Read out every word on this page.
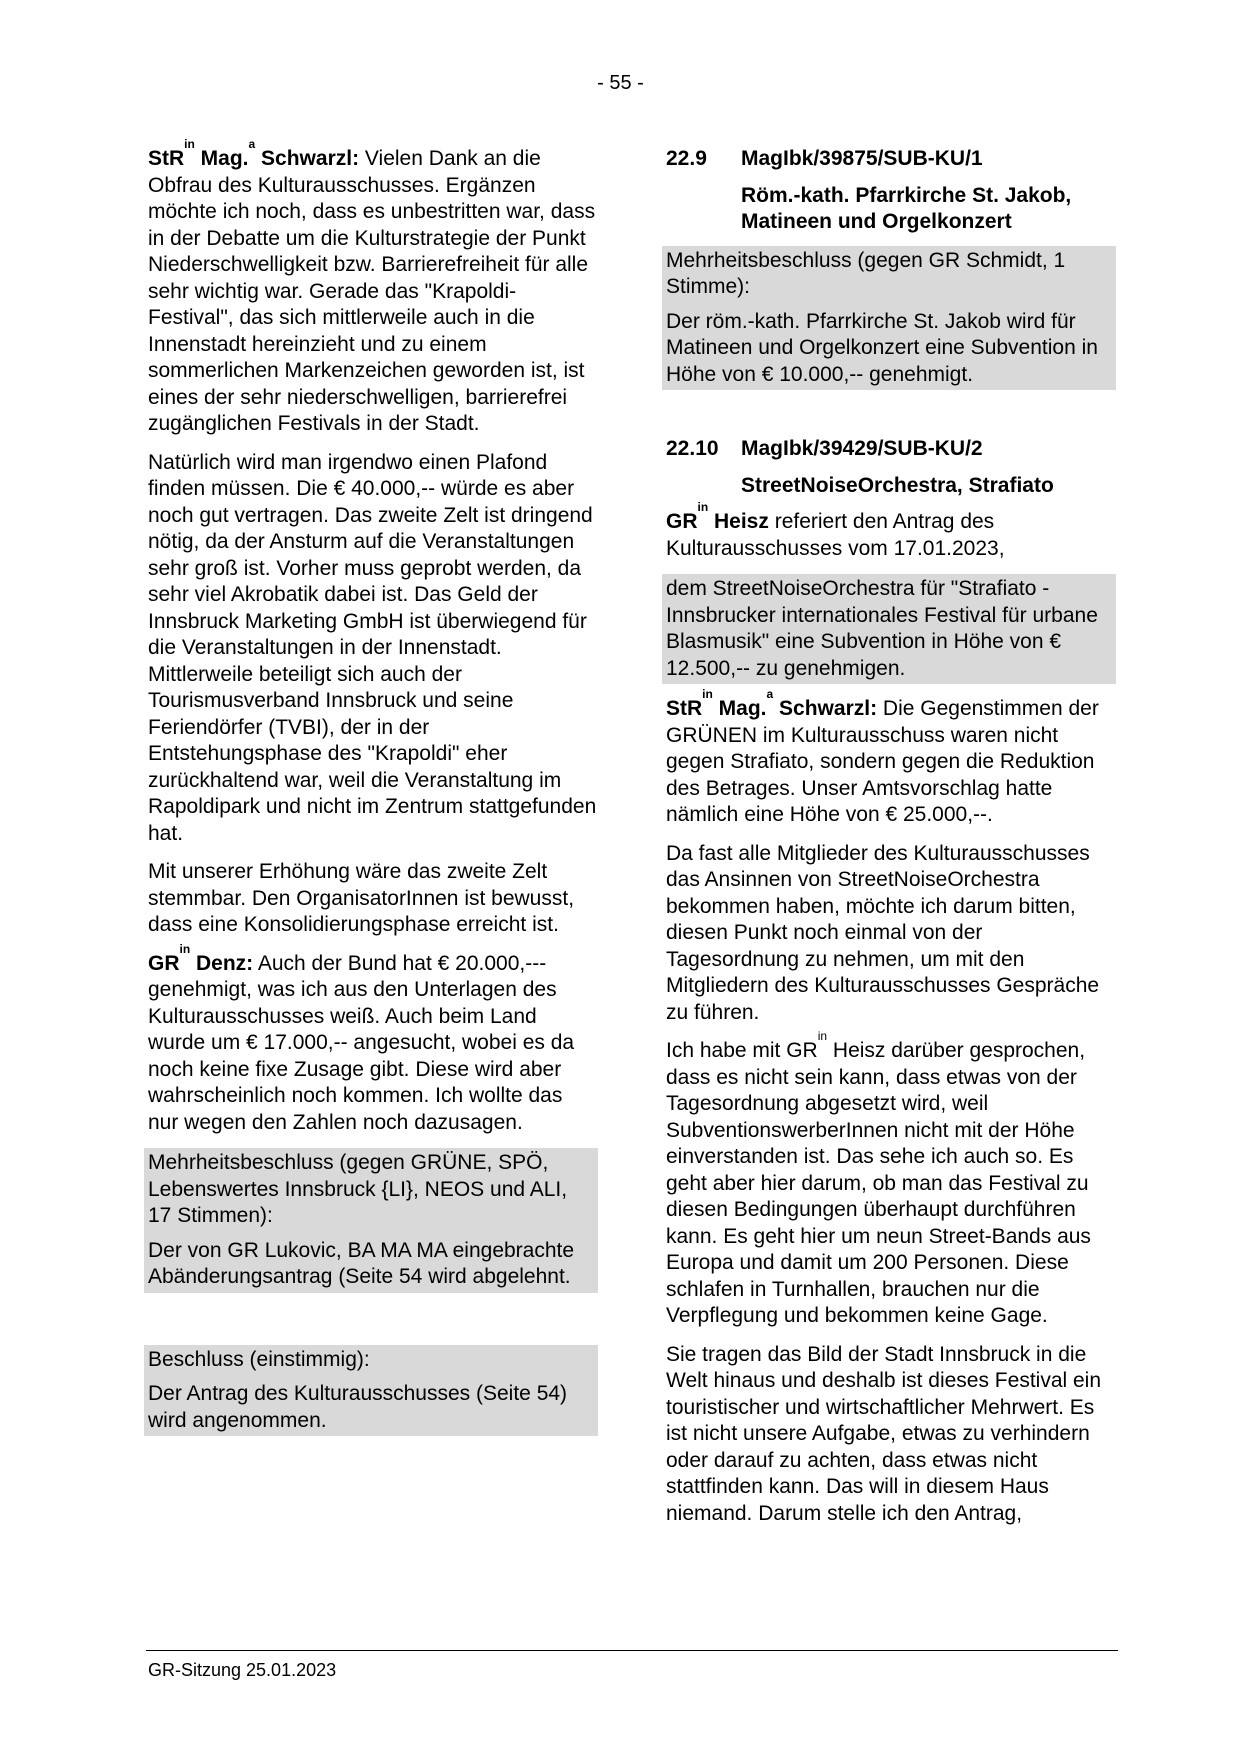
- 55 -

StR$^{in}$ Mag.$^a$ Schwarzl: Vielen Dank an die Obfrau des Kulturausschusses. Ergänzen möchte ich noch, dass es unbestritten war, dass in der Debatte um die Kulturstrategie der Punkt Niederschwelligkeit bzw. Barrierefreiheit für alle sehr wichtig war. Gerade das "Krapoldi-Festival", das sich mittlerweile auch in die Innenstadt hereinzieht und zu einem sommerlichen Markenzeichen geworden ist, ist eines der sehr niederschwelligen, barrierefrei zugänglichen Festivals in der Stadt.

Natürlich wird man irgendwo einen Plafond finden müssen. Die € 40.000,-- würde es aber noch gut vertragen. Das zweite Zelt ist dringend nötig, da der Ansturm auf die Veranstaltungen sehr groß ist. Vorher muss geprobt werden, da sehr viel Akrobatik dabei ist. Das Geld der Innsbruck Marketing GmbH ist überwiegend für die Veranstaltungen in der Innenstadt. Mittlerweile beteiligt sich auch der Tourismusverband Innsbruck und seine Feriendörfer (TVBI), der in der Entstehungsphase des "Krapoldi" eher zurückhaltend war, weil die Veranstaltung im Rapoldipark und nicht im Zentrum stattgefunden hat.

Mit unserer Erhöhung wäre das zweite Zelt stemmbar. Den OrganisatorInnen ist bewusst, dass eine Konsolidierungsphase erreicht ist.

$GR^{in}$ Denz: Auch der Bund hat € 20.000,--- genehmigt, was ich aus den Unterlagen des Kulturausschusses weiß. Auch beim Land wurde um € 17.000,-- angesucht, wobei es da noch keine fixe Zusage gibt. Diese wird aber wahrscheinlich noch kommen. Ich wollte das nur wegen den Zahlen noch dazusagen.

Mehrheitsbeschluss (gegen GRÜNE, SPÖ, Lebenswertes Innsbruck {LI}, NEOS und ALI, 17 Stimmen):

Der von GR Lukovic, BA MA MA eingebrachte Abänderungsantrag (Seite 54 wird abgelehnt.

Beschluss (einstimmig):

Der Antrag des Kulturausschusses (Seite 54) wird angenommen.

22.9	MagIbk/39875/SUB-KU/1

Röm.-kath. Pfarrkirche St. Jakob, Matineen und Orgelkonzert

Mehrheitsbeschluss (gegen GR Schmidt, 1 Stimme):

Der röm.-kath. Pfarrkirche St. Jakob wird für Matineen und Orgelkonzert eine Subvention in Höhe von € 10.000,-- genehmigt.

22.10	MagIbk/39429/SUB-KU/2

StreetNoiseOrchestra, Strafiato

$GR^{in}$ Heisz referiert den Antrag des Kulturausschusses vom 17.01.2023,

dem StreetNoiseOrchestra für "Strafiato - Innsbrucker internationales Festival für urbane Blasmusik" eine Subvention in Höhe von € 12.500,-- zu genehmigen.

StR$^{in}$ Mag.$^a$ Schwarzl: Die Gegenstimmen der GRÜNEN im Kulturausschuss waren nicht gegen Strafiato, sondern gegen die Reduktion des Betrages. Unser Amtsvorschlag hatte nämlich eine Höhe von € 25.000,--.

Da fast alle Mitglieder des Kulturausschusses das Ansinnen von StreetNoiseOrchestra bekommen haben, möchte ich darum bitten, diesen Punkt noch einmal von der Tagesordnung zu nehmen, um mit den Mitgliedern des Kulturausschusses Gespräche zu führen.

Ich habe mit $GR^{in}$ Heisz darüber gesprochen, dass es nicht sein kann, dass etwas von der Tagesordnung abgesetzt wird, weil SubventionswerberInnen nicht mit der Höhe einverstanden ist. Das sehe ich auch so. Es geht aber hier darum, ob man das Festival zu diesen Bedingungen überhaupt durchführen kann. Es geht hier um neun Street-Bands aus Europa und damit um 200 Personen. Diese schlafen in Turnhallen, brauchen nur die Verpflegung und bekommen keine Gage.

Sie tragen das Bild der Stadt Innsbruck in die Welt hinaus und deshalb ist dieses Festival ein touristischer und wirtschaftlicher Mehrwert. Es ist nicht unsere Aufgabe, etwas zu verhindern oder darauf zu achten, dass etwas nicht stattfinden kann. Das will in diesem Haus niemand. Darum stelle ich den Antrag,

GR-Sitzung 25.01.2023
